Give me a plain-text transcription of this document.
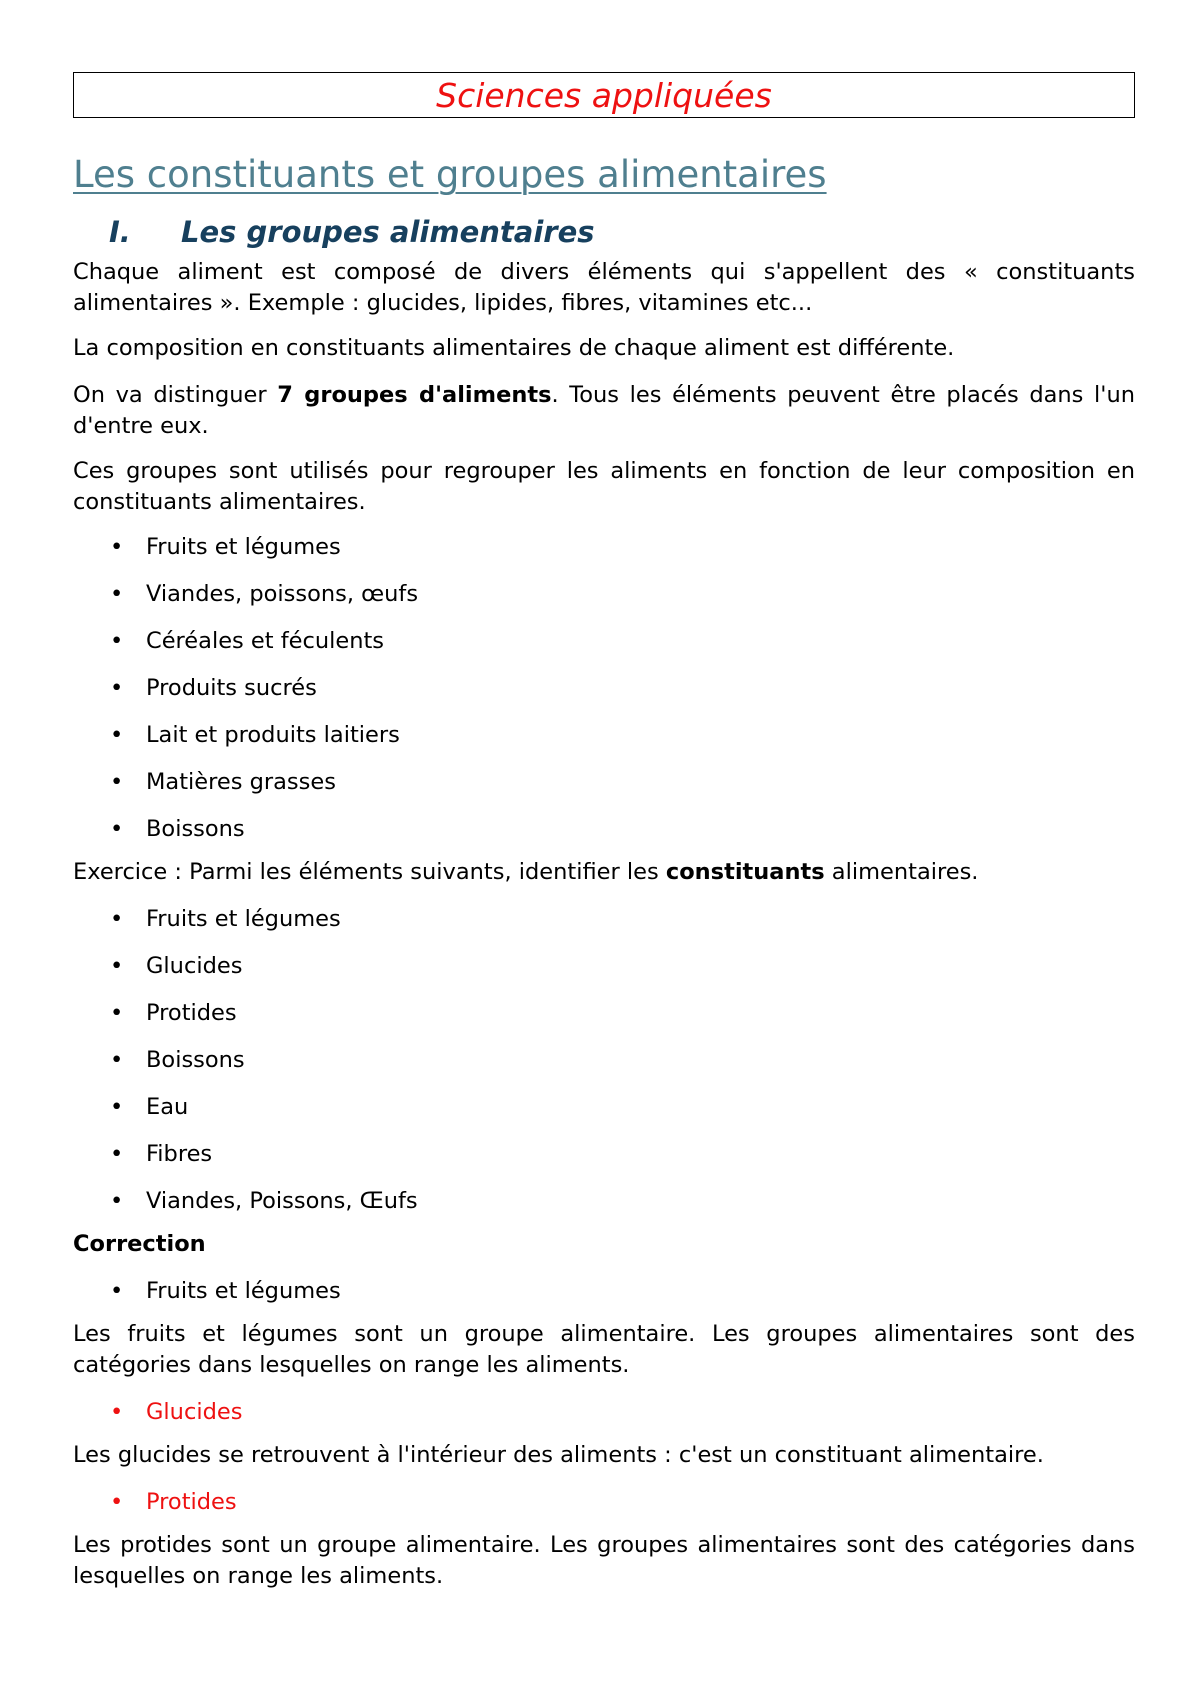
Sciences appliquées
Les constituants et groupes alimentaires
I.	Les groupes alimentaires

Chaque aliment est composé de divers éléments qui s'appellent des « constituants alimentaires ». Exemple : glucides, lipides, fibres, vitamines etc...

La composition en constituants alimentaires de chaque aliment est différente.

On va distinguer 7 groupes d'aliments. Tous les éléments peuvent être placés dans l'un d'entre eux.

Ces groupes sont utilisés pour regrouper les aliments en fonction de leur composition en constituants alimentaires.

• Fruits et légumes
• Viandes, poissons, œufs
• Céréales et féculents
• Produits sucrés
• Lait et produits laitiers
• Matières grasses
• Boissons

Exercice : Parmi les éléments suivants, identifier les constituants alimentaires.

• Fruits et légumes
• Glucides
• Protides
• Boissons
• Eau
• Fibres
• Viandes, Poissons, Œufs

Correction

• Fruits et légumes

Les fruits et légumes sont un groupe alimentaire. Les groupes alimentaires sont des catégories dans lesquelles on range les aliments.

• Glucides

Les glucides se retrouvent à l'intérieur des aliments : c'est un constituant alimentaire.

• Protides

Les protides sont un groupe alimentaire. Les groupes alimentaires sont des catégories dans lesquelles on range les aliments.
